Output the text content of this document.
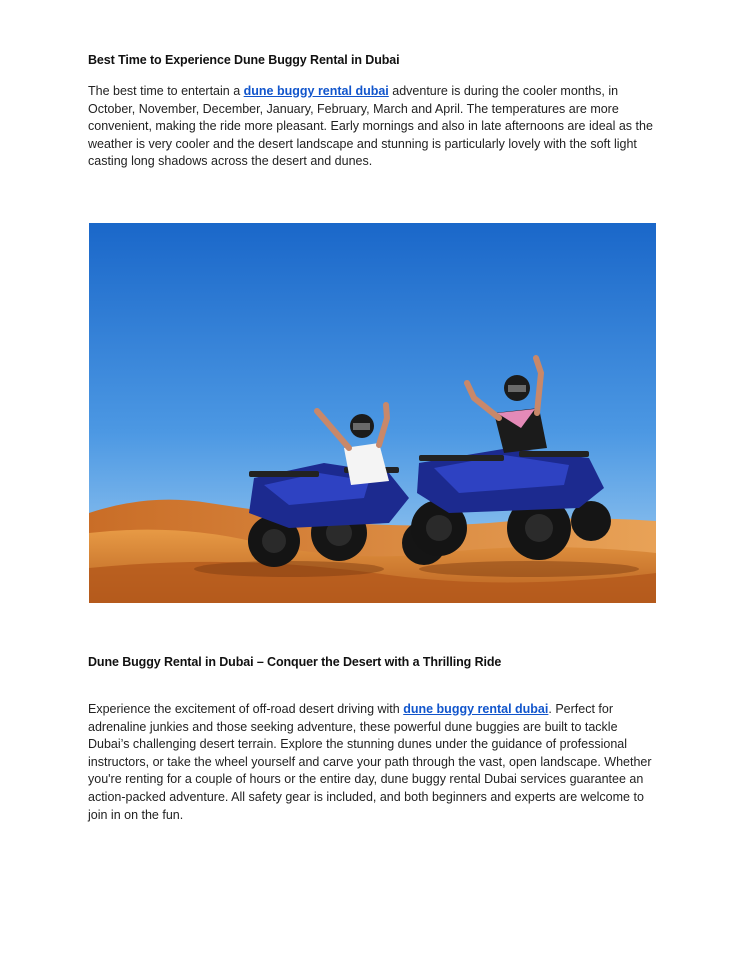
Best Time to Experience Dune Buggy Rental in Dubai

The best time to entertain a dune buggy rental dubai adventure is during the cooler months, in October, November, December, January, February, March and April. The temperatures are more convenient, making the ride more pleasant. Early mornings and also in late afternoons are ideal as the weather is very cooler and the desert landscape and stunning is particularly lovely with the soft light casting long shadows across the desert and dunes.

Dune Buggy Rental in Dubai – Conquer the Desert with a Thrilling Ride

Experience the excitement of off-road desert driving with dune buggy rental dubai. Perfect for adrenaline junkies and those seeking adventure, these powerful dune buggies are built to tackle Dubai’s challenging desert terrain. Explore the stunning dunes under the guidance of professional instructors, or take the wheel yourself and carve your path through the vast, open landscape. Whether you're renting for a couple of hours or the entire day, dune buggy rental Dubai services guarantee an action-packed adventure. All safety gear is included, and both beginners and experts are welcome to join in on the fun.
